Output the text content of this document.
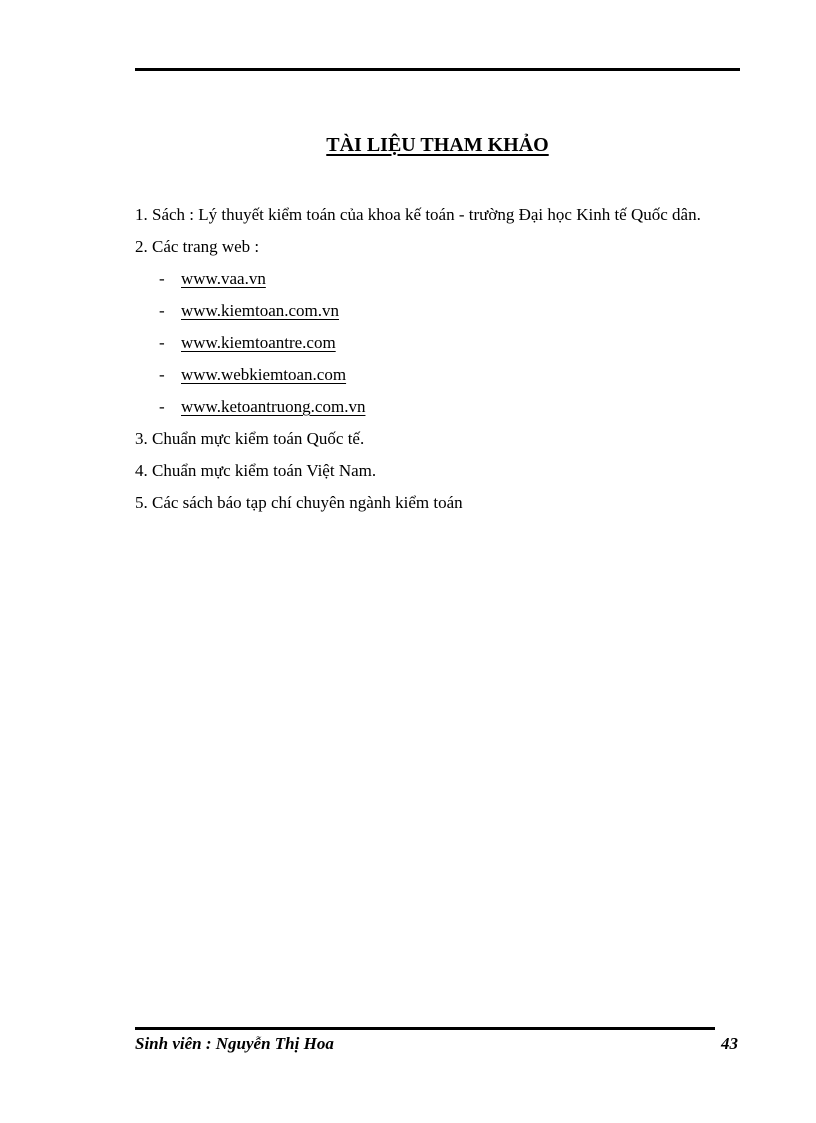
TÀI LIỆU THAM KHẢO

1. Sách : Lý thuyết kiểm toán của khoa kế toán - trường Đại học Kinh tế Quốc dân.

2. Các trang web :

- www.vaa.vn
- www.kiemtoan.com.vn
- www.kiemtoantre.com
- www.webkiemtoan.com
- www.ketoantruong.com.vn

3. Chuẩn mực kiểm toán Quốc tế.

4. Chuẩn mực kiểm toán Việt Nam.

5. Các sách báo tạp chí chuyên ngành kiểm toán

Sinh viên : Nguyễn Thị Hoa	43
